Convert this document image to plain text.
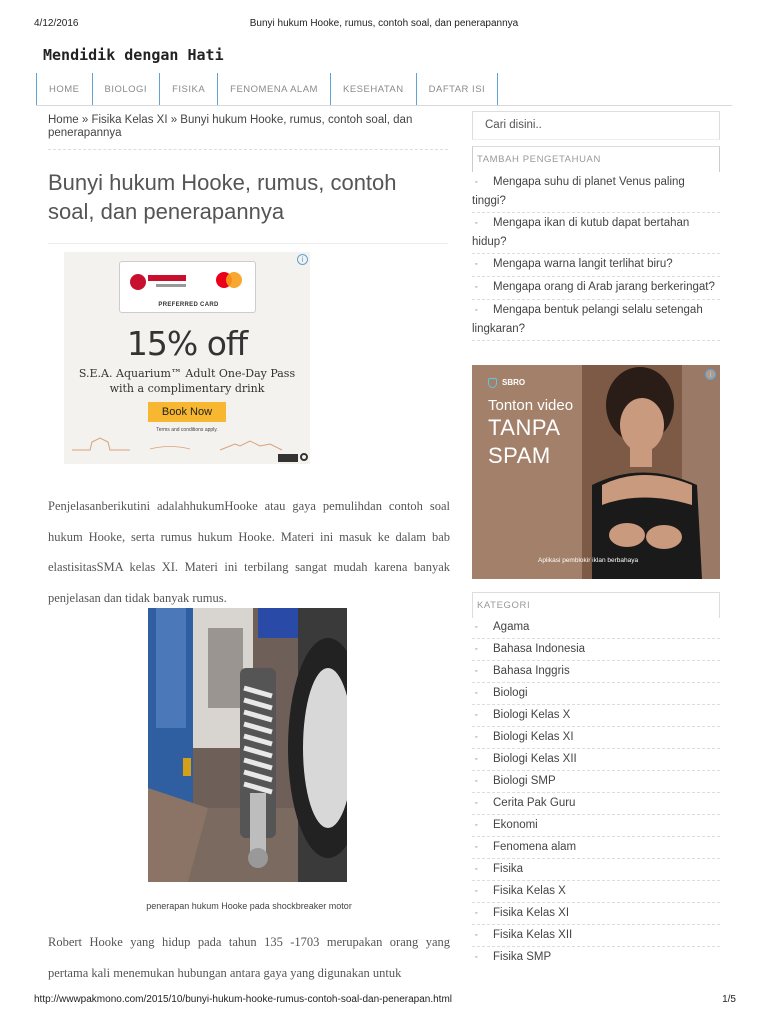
4/12/2016	Bunyi hukum Hooke, rumus, contoh soal, dan penerapannya
Mendidik dengan Hati
HOME	BIOLOGI	FISIKA	FENOMENA ALAM	KESEHATAN	DAFTAR ISI
Home » Fisika Kelas XI » Bunyi hukum Hooke, rumus, contoh soal, dan penerapannya
Bunyi hukum Hooke, rumus, contoh soal, dan penerapannya
i
PREFERRED CARD
15% off
S.E.A. Aquarium™ Adult One-Day Pass
with a complimentary drink
Book Now
Terms and conditions apply.

Penjelasanberikutini adalahhukumHooke atau gaya pemulihdan contoh soal hukum Hooke, serta rumus hukum Hooke. Materi ini masuk ke dalam bab elastisitasSMA kelas XI. Materi ini terbilang sangat mudah karena banyak penjelasan dan tidak banyak rumus.

penerapan hukum Hooke pada shockbreaker motor

Robert Hooke yang hidup pada tahun 135 -1703 merupakan orang yang pertama kali menemukan hubungan antara gaya yang digunakan untuk

Cari disini..
TAMBAH PENGETAHUAN
◦ Mengapa suhu di planet Venus paling tinggi?
◦ Mengapa ikan di kutub dapat bertahan hidup?
◦ Mengapa warna langit terlihat biru?
◦ Mengapa orang di Arab jarang berkeringat?
◦ Mengapa bentuk pelangi selalu setengah lingkaran?
SBRO
Tonton video
TANPA
SPAM
Aplikasi pemblokir iklan berbahaya
i
KATEGORI
◦ Agama
◦ Bahasa Indonesia
◦ Bahasa Inggris
◦ Biologi
◦ Biologi Kelas X
◦ Biologi Kelas XI
◦ Biologi Kelas XII
◦ Biologi SMP
◦ Cerita Pak Guru
◦ Ekonomi
◦ Fenomena alam
◦ Fisika
◦ Fisika Kelas X
◦ Fisika Kelas XI
◦ Fisika Kelas XII
◦ Fisika SMP
http://wwwpakmono.com/2015/10/bunyi-hukum-hooke-rumus-contoh-soal-dan-penerapan.html	1/5
